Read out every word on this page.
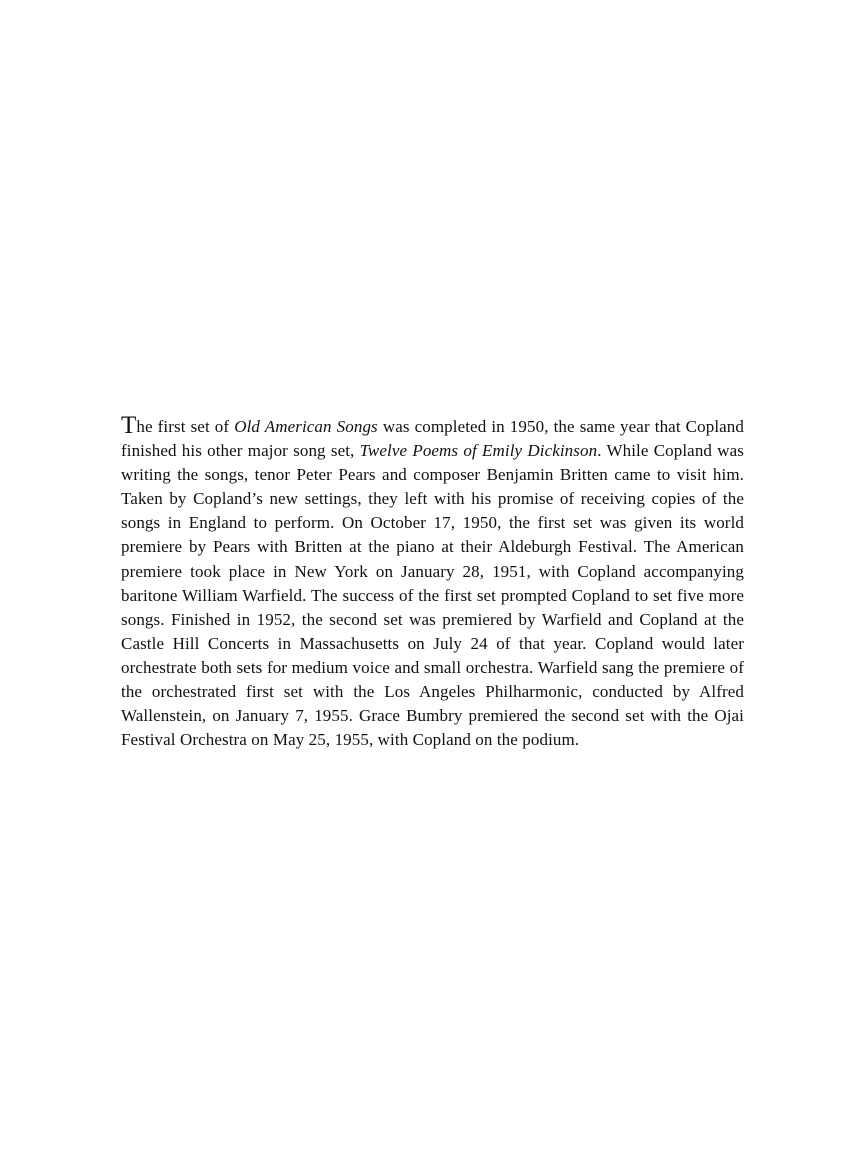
The first set of Old American Songs was completed in 1950, the same year that Copland finished his other major song set, Twelve Poems of Emily Dickinson. While Copland was writing the songs, tenor Peter Pears and composer Benjamin Britten came to visit him. Taken by Copland’s new settings, they left with his promise of receiving copies of the songs in England to perform. On October 17, 1950, the first set was given its world premiere by Pears with Britten at the piano at their Aldeburgh Festival. The American premiere took place in New York on January 28, 1951, with Copland accompanying baritone William Warfield. The success of the first set prompted Copland to set five more songs. Finished in 1952, the second set was premiered by Warfield and Copland at the Castle Hill Concerts in Massachusetts on July 24 of that year. Copland would later orchestrate both sets for medium voice and small orchestra. Warfield sang the premiere of the orchestrated first set with the Los Angeles Philharmonic, conducted by Alfred Wallenstein, on January 7, 1955. Grace Bumbry premiered the second set with the Ojai Festival Orchestra on May 25, 1955, with Copland on the podium.
